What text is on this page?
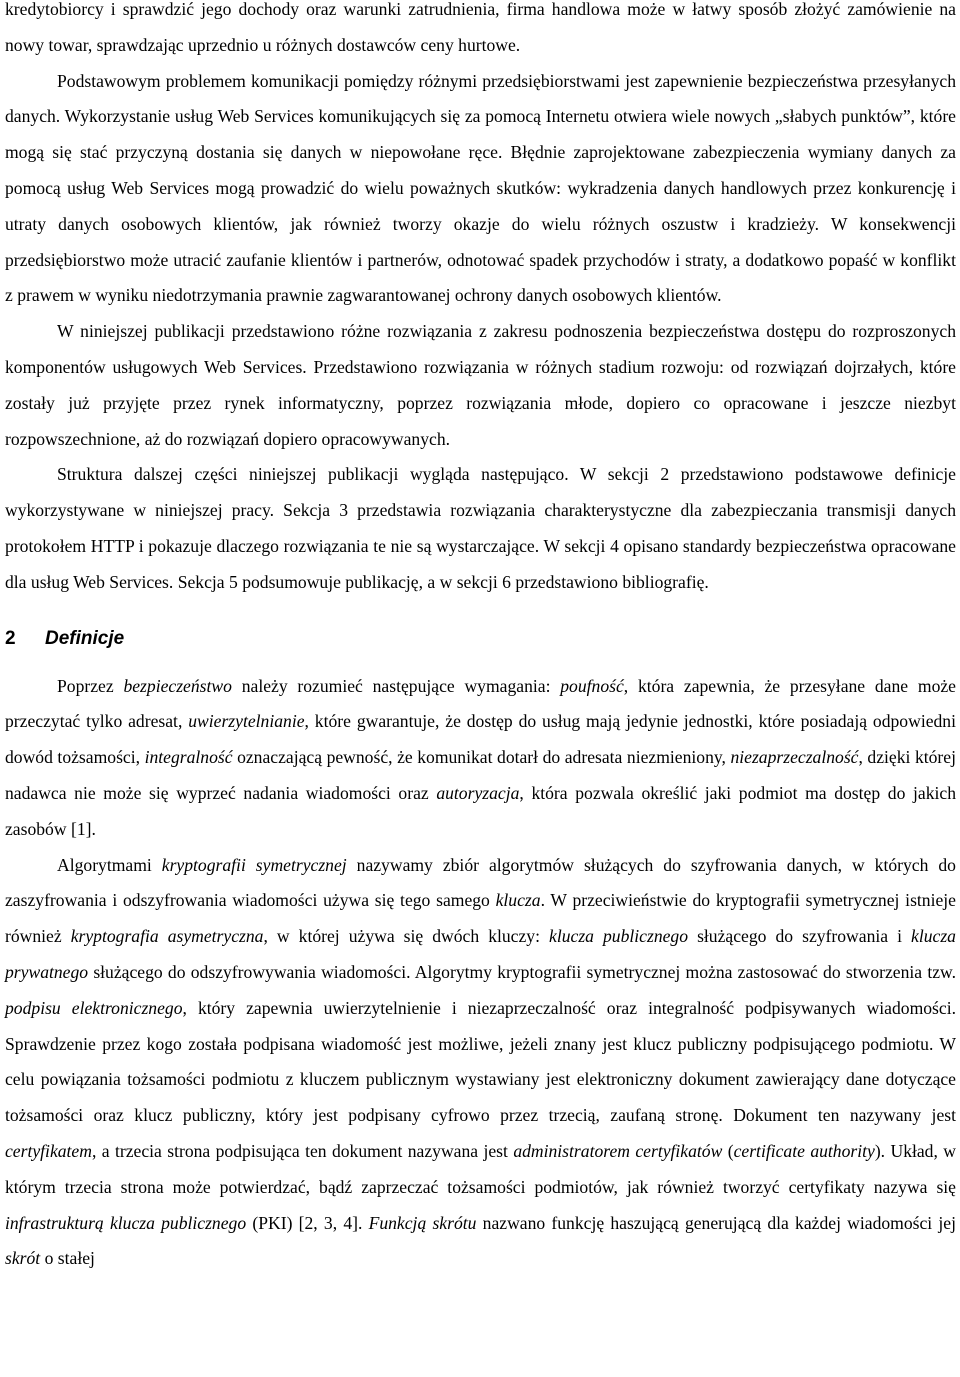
kredytobiorcy i sprawdzić jego dochody oraz warunki zatrudnienia, firma handlowa może w łatwy sposób złożyć zamówienie na nowy towar, sprawdzając uprzednio u różnych dostawców ceny hurtowe.

Podstawowym problemem komunikacji pomiędzy różnymi przedsiębiorstwami jest zapewnienie bezpieczeństwa przesyłanych danych. Wykorzystanie usług Web Services komunikujących się za pomocą Internetu otwiera wiele nowych „słabych punktów”, które mogą się stać przyczyną dostania się danych w niepowołane ręce. Błędnie zaprojektowane zabezpieczenia wymiany danych za pomocą usług Web Services mogą prowadzić do wielu poważnych skutków: wykradzenia danych handlowych przez konkurencję i utraty danych osobowych klientów, jak również tworzy okazje do wielu różnych oszustw i kradzieży. W konsekwencji przedsiębiorstwo może utracić zaufanie klientów i partnerów, odnotować spadek przychodów i straty, a dodatkowo popaść w konflikt z prawem w wyniku niedotrzymania prawnie zagwarantowanej ochrony danych osobowych klientów.

W niniejszej publikacji przedstawiono różne rozwiązania z zakresu podnoszenia bezpieczeństwa dostępu do rozproszonych komponentów usługowych Web Services. Przedstawiono rozwiązania w różnych stadium rozwoju: od rozwiązań dojrzałych, które zostały już przyjęte przez rynek informatyczny, poprzez rozwiązania młode, dopiero co opracowane i jeszcze niezbyt rozpowszechnione, aż do rozwiązań dopiero opracowywanych.

Struktura dalszej części niniejszej publikacji wygląda następująco. W sekcji 2 przedstawiono podstawowe definicje wykorzystywane w niniejszej pracy. Sekcja 3 przedstawia rozwiązania charakterystyczne dla zabezpieczania transmisji danych protokołem HTTP i pokazuje dlaczego rozwiązania te nie są wystarczające. W sekcji 4 opisano standardy bezpieczeństwa opracowane dla usług Web Services. Sekcja 5 podsumowuje publikację, a w sekcji 6 przedstawiono bibliografię.

2 Definicje

Poprzez bezpieczeństwo należy rozumieć następujące wymagania: poufność, która zapewnia, że przesyłane dane może przeczytać tylko adresat, uwierzytelnianie, które gwarantuje, że dostęp do usług mają jedynie jednostki, które posiadają odpowiedni dowód tożsamości, integralność oznaczającą pewność, że komunikat dotarł do adresata niezmieniony, niezaprzeczalność, dzięki której nadawca nie może się wyprzeć nadania wiadomości oraz autoryzacja, która pozwala określić jaki podmiot ma dostęp do jakich zasobów [1].

Algorytmami kryptografii symetrycznej nazywamy zbiór algorytmów służących do szyfrowania danych, w których do zaszyfrowania i odszyfrowania wiadomości używa się tego samego klucza. W przeciwieństwie do kryptografii symetrycznej istnieje również kryptografia asymetryczna, w której używa się dwóch kluczy: klucza publicznego służącego do szyfrowania i klucza prywatnego służącego do odszyfrowywania wiadomości. Algorytmy kryptografii symetrycznej można zastosować do stworzenia tzw. podpisu elektronicznego, który zapewnia uwierzytelnienie i niezaprzeczalność oraz integralność podpisywanych wiadomości. Sprawdzenie przez kogo została podpisana wiadomość jest możliwe, jeżeli znany jest klucz publiczny podpisującego podmiotu. W celu powiązania tożsamości podmiotu z kluczem publicznym wystawiany jest elektroniczny dokument zawierający dane dotyczące tożsamości oraz klucz publiczny, który jest podpisany cyfrowo przez trzecią, zaufaną stronę. Dokument ten nazywany jest certyfikatem, a trzecia strona podpisująca ten dokument nazywana jest administratorem certyfikatów (certificate authority). Układ, w którym trzecia strona może potwierdzać, bądź zaprzeczać tożsamości podmiotów, jak również tworzyć certyfikaty nazywa się infrastrukturą klucza publicznego (PKI) [2, 3, 4]. Funkcją skrótu nazwano funkcję haszującą generującą dla każdej wiadomości jej skrót o stałej
